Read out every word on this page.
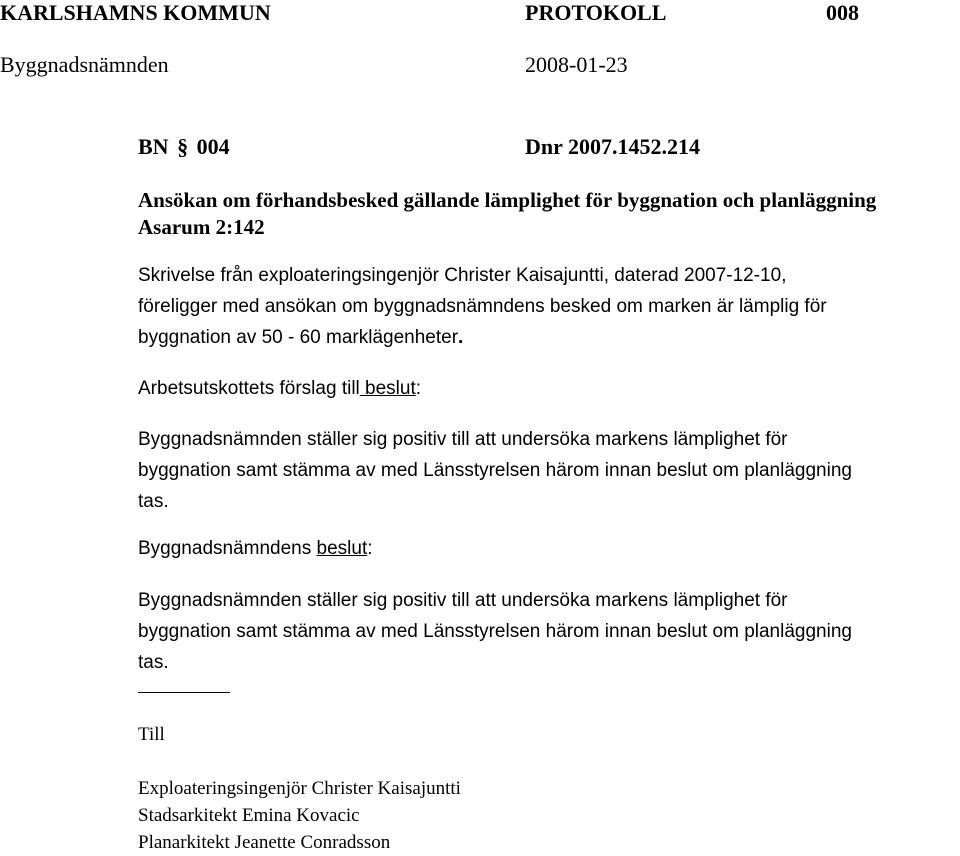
KARLSHAMNS KOMMUN	PROTOKOLL	008
Byggnadsnämnden	2008-01-23
BN § 004	Dnr 2007.1452.214
Ansökan om förhandsbesked gällande lämplighet för byggnation och planläggning
Asarum 2:142
Skrivelse från exploateringsingenjör Christer Kaisajuntti, daterad 2007-12-10,
föreligger med ansökan om byggnadsnämndens besked om marken är lämplig för
byggnation av 50 - 60 marklägenheter.
Arbetsutskottets förslag till beslut:
Byggnadsnämnden ställer sig positiv till att undersöka markens lämplighet för
byggnation samt stämma av med Länsstyrelsen härom innan beslut om planläggning
tas.
Byggnadsnämndens beslut:
Byggnadsnämnden ställer sig positiv till att undersöka markens lämplighet för
byggnation samt stämma av med Länsstyrelsen härom innan beslut om planläggning
tas.
Till
Exploateringsingenjör Christer Kaisajuntti
Stadsarkitekt Emina Kovacic
Planarkitekt Jeanette Conradsson
